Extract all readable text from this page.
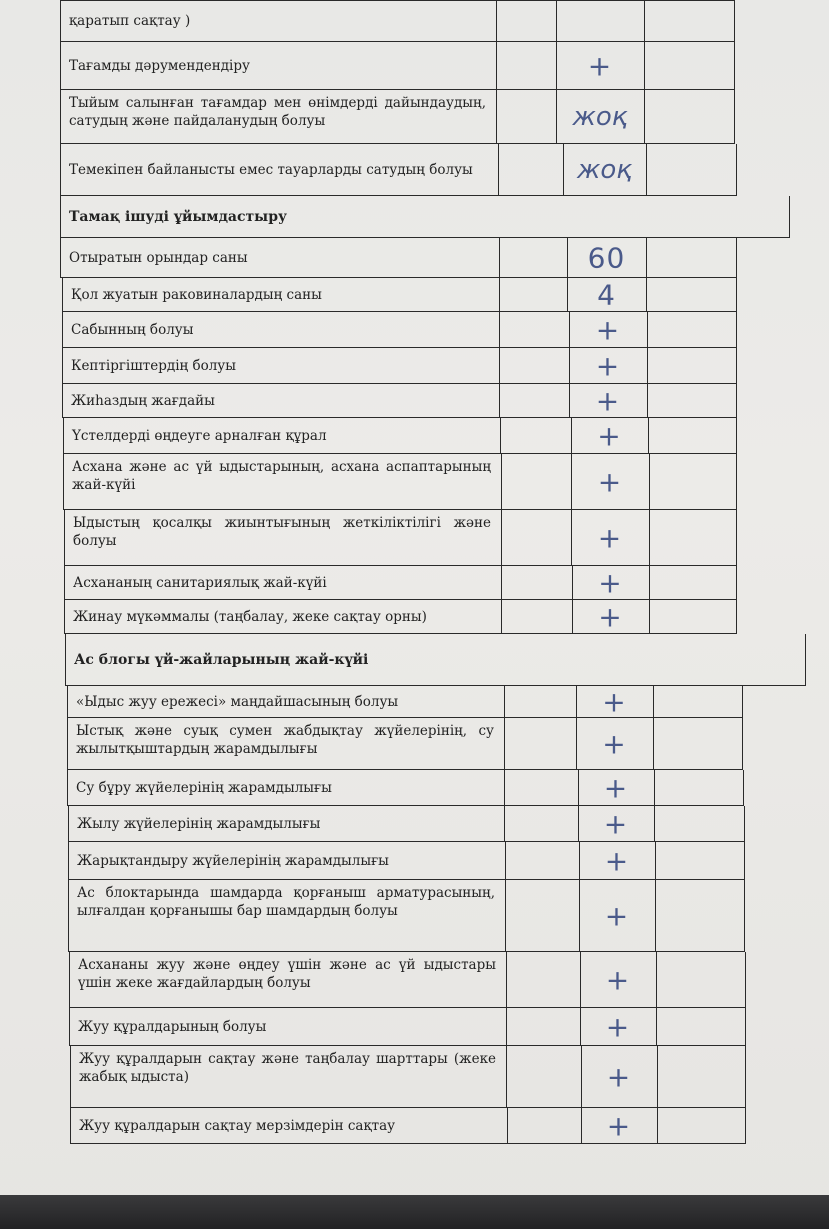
қаратып сақтау )
Тағамды дәрумендендіру	+
Тыйым салынған тағамдар мен өнімдерді дайындаудың, сатудың және пайдаланудың болуы	жоқ
Темекіпен байланысты емес тауарларды сатудың болуы	жоқ
Тамақ ішуді ұйымдастыру
Отыратын орындар саны	60
Қол жуатын раковиналардың саны	4
Сабынның болуы	+
Кептіргіштердің болуы	+
Жиһаздың жағдайы	+
Үстелдерді өңдеуге арналған құрал	+
Асхана және ас үй ыдыстарының, асхана аспаптарының жай-күйі	+
Ыдыстың қосалқы жиынтығының жеткіліктілігі және болуы	+
Асхананың санитариялық жай-күйі	+
Жинау мүкәммалы (таңбалау, жеке сақтау орны)	+
Ас блогы үй-жайларының жай-күйі
«Ыдыс жуу ережесі» маңдайшасының болуы	+
Ыстық және суық сумен жабдықтау жүйелерінің, су жылытқыштардың жарамдылығы	+
Су бұру жүйелерінің жарамдылығы	+
Жылу жүйелерінің жарамдылығы	+
Жарықтандыру жүйелерінің жарамдылығы	+
Ас блоктарында шамдарда қорғаныш арматурасының, ылғалдан қорғанышы бар шамдардың болуы	+
Асхананы жуу және өңдеу үшін және ас үй ыдыстары үшін жеке жағдайлардың болуы	+
Жуу құралдарының болуы	+
Жуу құралдарын сақтау және таңбалау шарттары (жеке жабық ыдыста)	+
Жуу құралдарын сақтау мерзімдерін сақтау	+
